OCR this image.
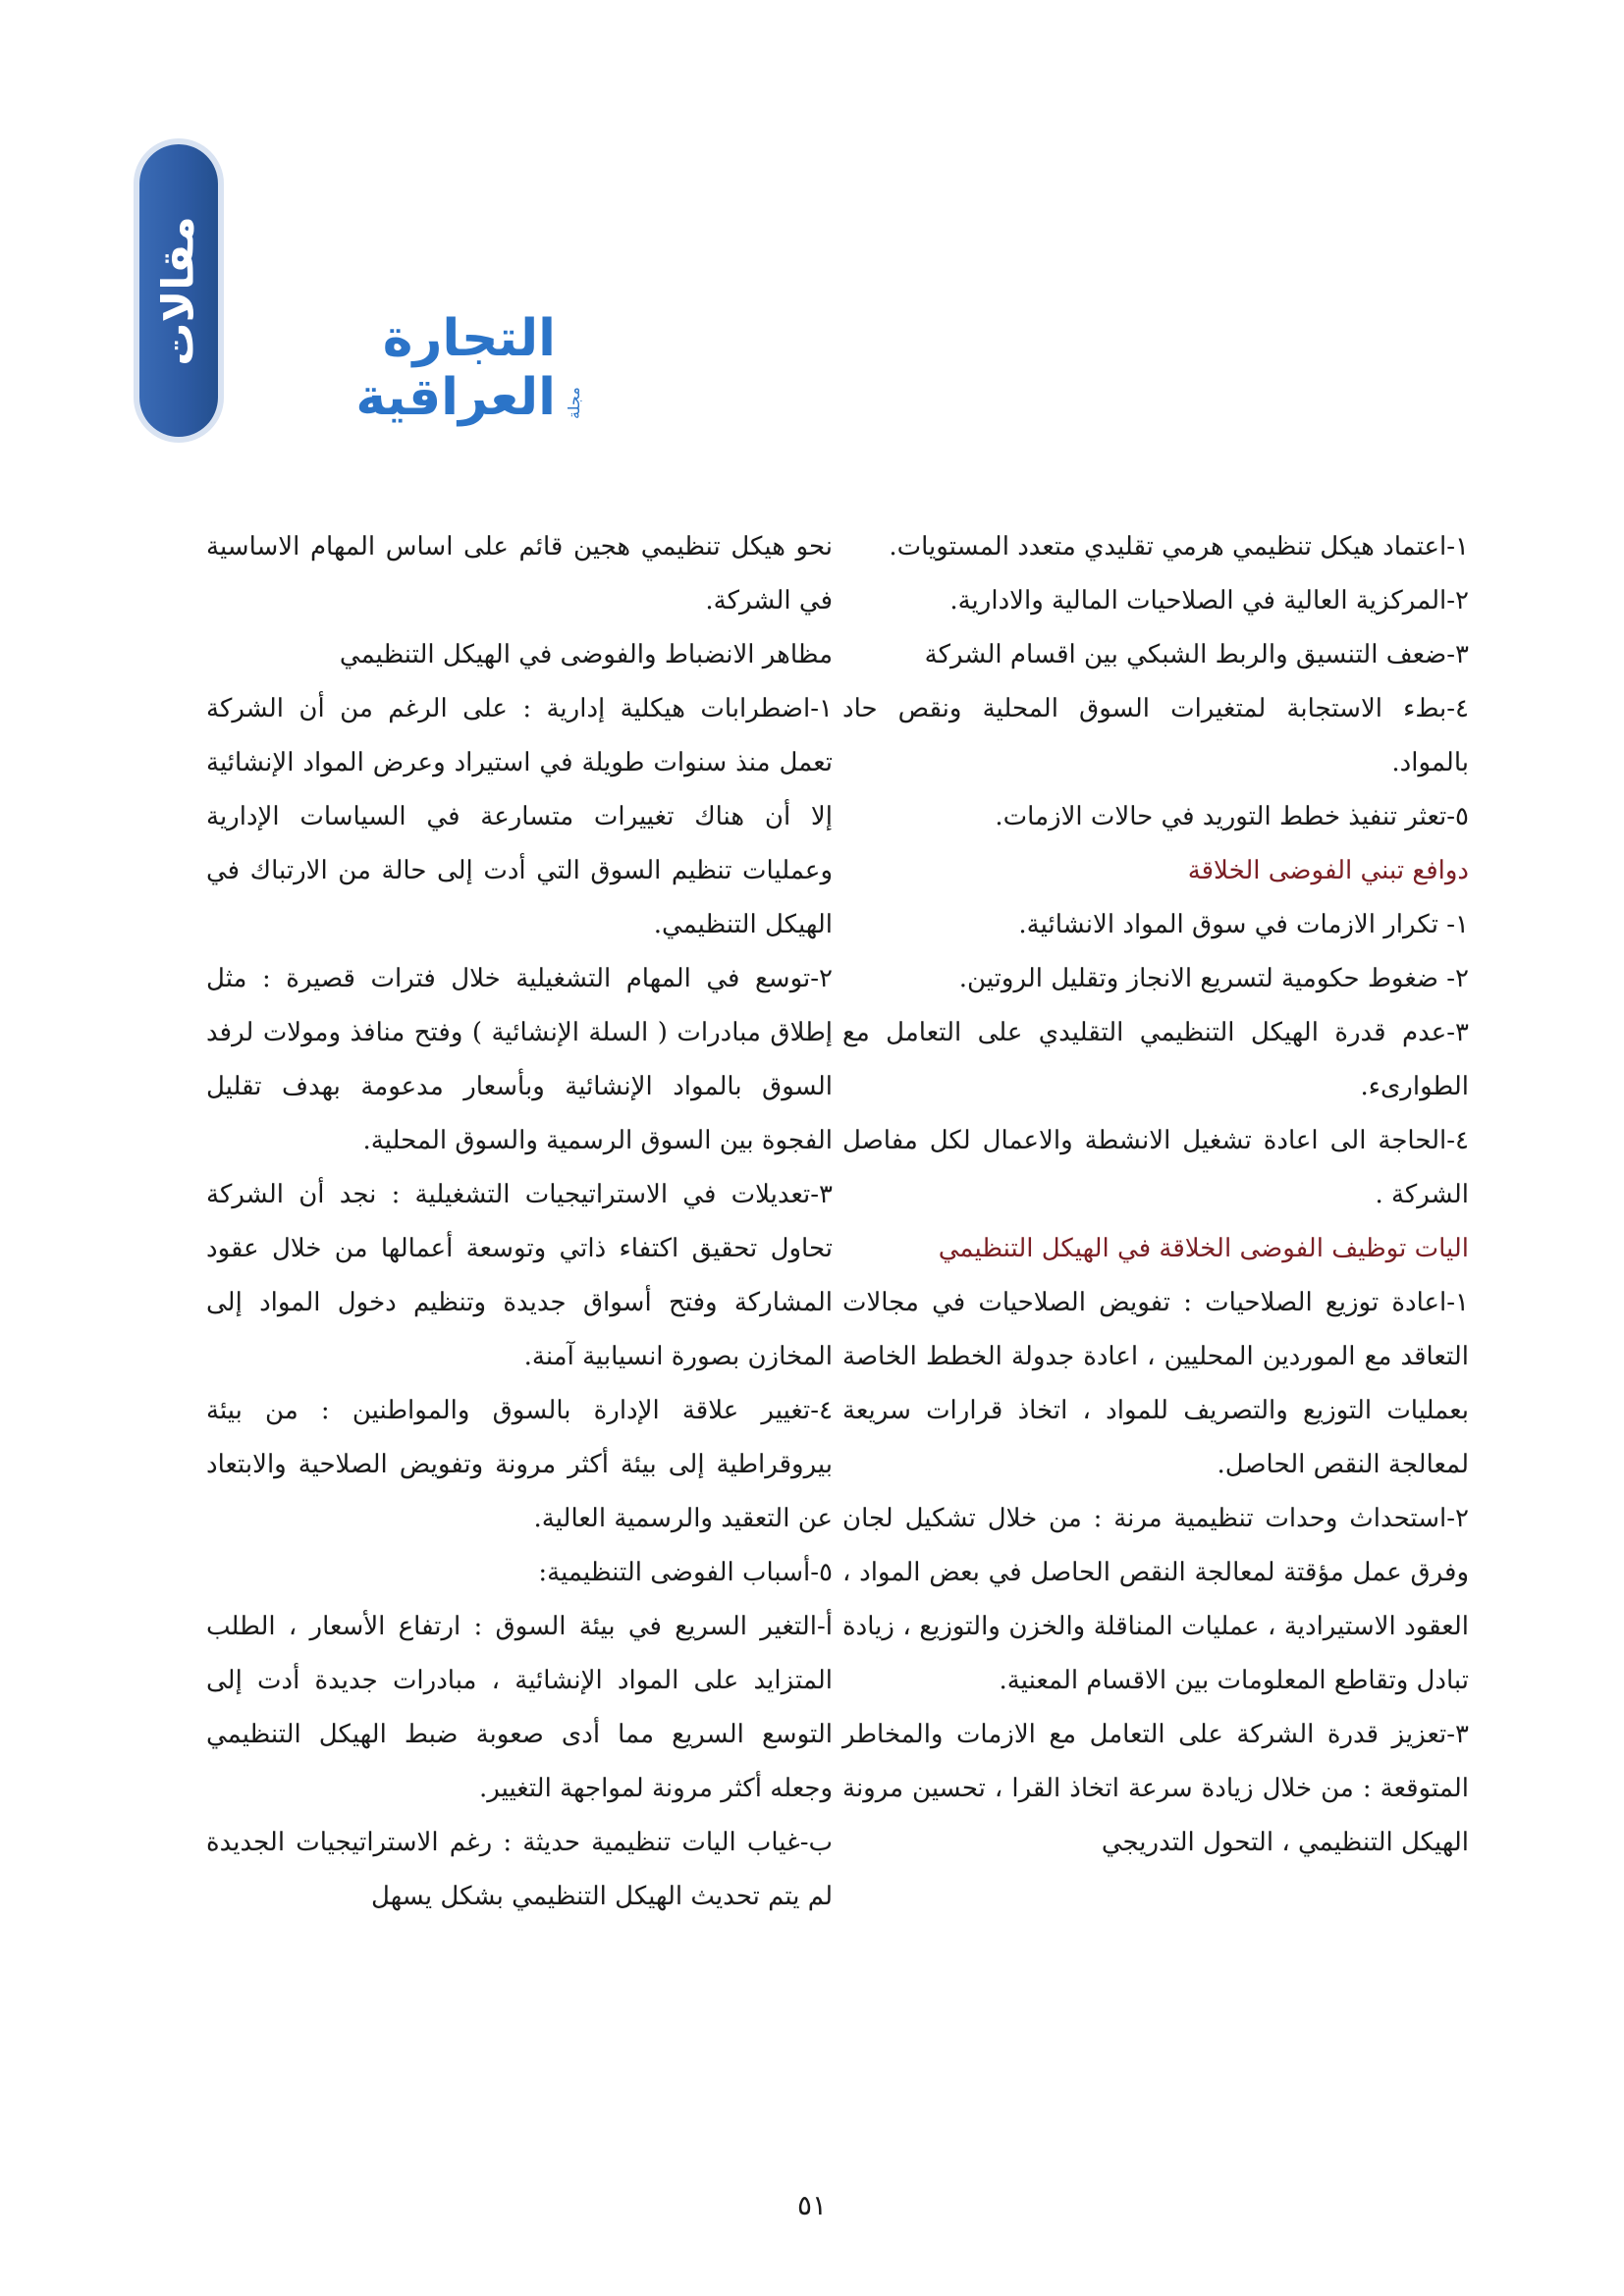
مقالات	التجارة العراقية مجلة

١-اعتماد هيكل تنظيمي هرمي تقليدي متعدد المستويات.

٢-المركزية العالية في الصلاحيات المالية والادارية.

٣-ضعف التنسيق والربط الشبكي بين اقسام الشركة

٤-بطء الاستجابة لمتغيرات السوق المحلية ونقص حاد بالمواد.

٥-تعثر تنفيذ خطط التوريد في حالات الازمات.

دوافع تبني الفوضى الخلاقة

١- تكرار الازمات في سوق المواد الانشائية.

٢- ضغوط حكومية لتسريع الانجاز وتقليل الروتين.

٣-عدم قدرة الهيكل التنظيمي التقليدي على التعامل مع الطوارىء.

٤-الحاجة الى اعادة تشغيل الانشطة والاعمال لكل مفاصل الشركة .

اليات توظيف الفوضى الخلاقة في الهيكل التنظيمي

١-اعادة توزيع الصلاحيات : تفويض الصلاحيات في مجالات التعاقد مع الموردين المحليين ، اعادة جدولة الخطط الخاصة بعمليات التوزيع والتصريف للمواد ، اتخاذ قرارات سريعة لمعالجة النقص الحاصل.

٢-استحداث وحدات تنظيمية مرنة : من خلال تشكيل لجان وفرق عمل مؤقتة لمعالجة النقص الحاصل في بعض المواد ، العقود الاستيرادية ، عمليات المناقلة والخزن والتوزيع ، زيادة تبادل وتقاطع المعلومات بين الاقسام المعنية.

٣-تعزيز قدرة الشركة على التعامل مع الازمات والمخاطر المتوقعة : من خلال زيادة سرعة اتخاذ القرا ، تحسين مرونة الهيكل التنظيمي ، التحول التدريجي

نحو هيكل تنظيمي هجين قائم على اساس المهام الاساسية في الشركة.

مظاهر الانضباط والفوضى في الهيكل التنظيمي

١-اضطرابات هيكلية إدارية : على الرغم من أن الشركة تعمل منذ سنوات طويلة في استيراد وعرض المواد الإنشائية إلا أن هناك تغييرات متسارعة في السياسات الإدارية وعمليات تنظيم السوق التي أدت إلى حالة من الارتباك في الهيكل التنظيمي.

٢-توسع في المهام التشغيلية خلال فترات قصيرة : مثل إطلاق مبادرات ( السلة الإنشائية ) وفتح منافذ ومولات لرفد السوق بالمواد الإنشائية وبأسعار مدعومة بهدف تقليل الفجوة بين السوق الرسمية والسوق المحلية.

٣-تعديلات في الاستراتيجيات التشغيلية : نجد أن الشركة تحاول تحقيق اكتفاء ذاتي وتوسعة أعمالها من خلال عقود المشاركة وفتح أسواق جديدة وتنظيم دخول المواد إلى المخازن بصورة انسيابية آمنة.

٤-تغيير علاقة الإدارة بالسوق والمواطنين : من بيئة بيروقراطية إلى بيئة أكثر مرونة وتفويض الصلاحية والابتعاد عن التعقيد والرسمية العالية.

٥-أسباب الفوضى التنظيمية:

أ-التغير السريع في بيئة السوق : ارتفاع الأسعار ، الطلب المتزايد على المواد الإنشائية ، مبادرات جديدة أدت إلى التوسع السريع مما أدى صعوبة ضبط الهيكل التنظيمي وجعله أكثر مرونة لمواجهة التغيير.

ب-غياب اليات تنظيمية حديثة : رغم الاستراتيجيات الجديدة لم يتم تحديث الهيكل التنظيمي بشكل يسهل

٥١
